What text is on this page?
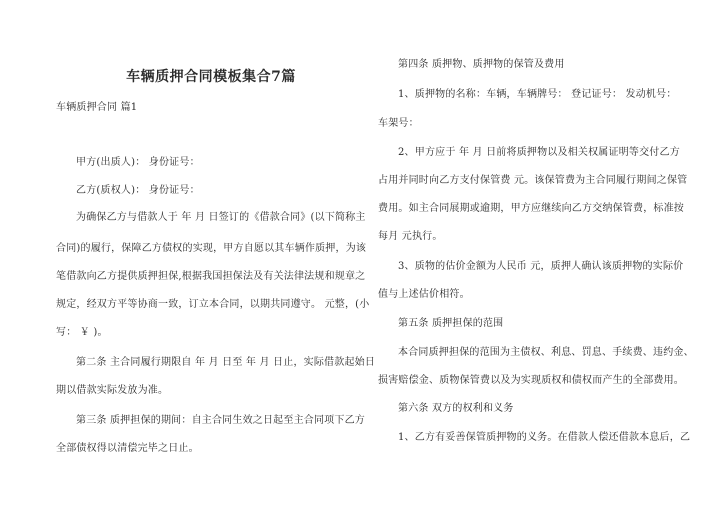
车辆质押合同模板集合7篇
车辆质押合同 篇1
甲方(出质人)： 身份证号：
乙方(质权人)： 身份证号：
为确保乙方与借款人于 年 月 日签订的《借款合同》(以下简称主
合同)的履行，保障乙方债权的实现，甲方自愿以其车辆作质押，为该
笔借款向乙方提供质押担保,根据我国担保法及有关法律法规和规章之
规定，经双方平等协商一致，订立本合同，以期共同遵守。 元整，(小
写： ￥ )。
第二条 主合同履行期限自 年 月 日至 年 月 日止，实际借款起始日
期以借款实际发放为准。
第三条 质押担保的期间：自主合同生效之日起至主合同项下乙方
全部债权得以清偿完毕之日止。
第四条 质押物、质押物的保管及费用
1、质押物的名称：车辆，车辆牌号： 登记证号： 发动机号：
车架号：
2、甲方应于 年 月 日前将质押物以及相关权属证明等交付乙方
占用并同时向乙方支付保管费 元。该保管费为主合同履行期间之保管
费用。如主合同展期或逾期，甲方应继续向乙方交纳保管费，标准按
每月 元执行。
3、质物的估价金额为人民币 元，质押人确认该质押物的实际价
值与上述估价相符。
第五条 质押担保的范围
本合同质押担保的范围为主债权、利息、罚息、手续费、违约金、
损害赔偿金、质物保管费以及为实现质权和债权而产生的全部费用。
第六条 双方的权利和义务
1、乙方有妥善保管质押物的义务。在借款人偿还借款本息后，乙
